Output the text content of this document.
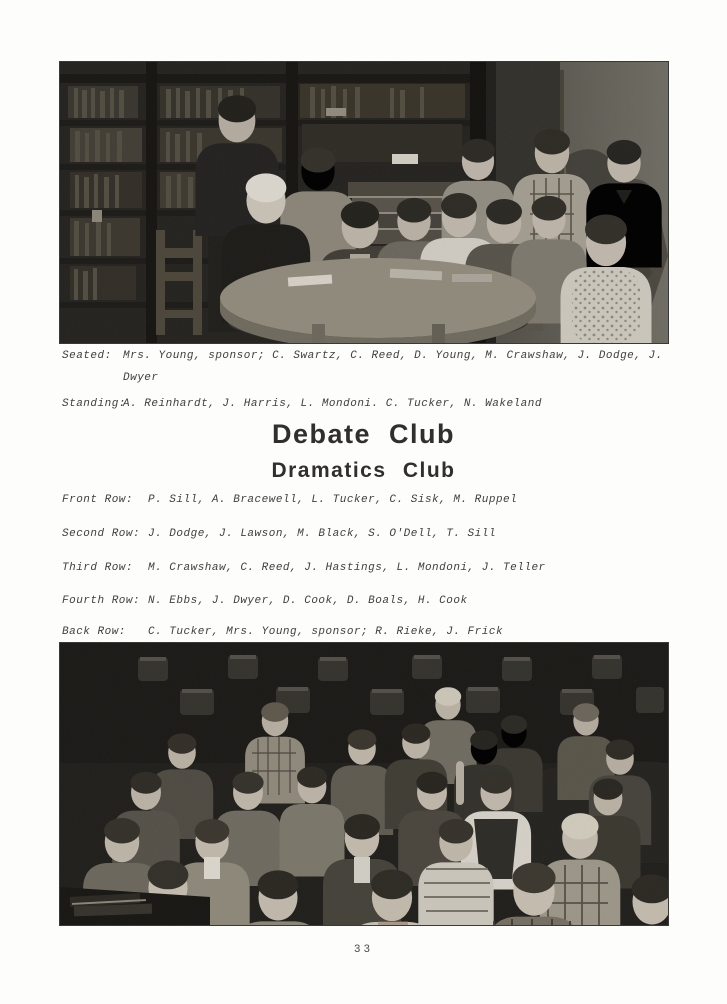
Seated:	Mrs. Young, sponsor; C. Swartz, C. Reed, D. Young, M. Crawshaw, J. Dodge, J. Dwyer
Standing:
A. Reinhardt, J. Harris, L. Mondoni. C. Tucker, N. Wakeland
Debate Club
Dramatics Club
Front Row:	P. Sill, A. Bracewell, L. Tucker, C. Sisk, M. Ruppel
Second Row: J. Dodge, J. Lawson, M. Black, S. O'Dell, T. Sill
Third Row:	M. Crawshaw, C. Reed, J. Hastings, L. Mondoni, J. Teller
Fourth Row: N. Ebbs, J. Dwyer, D. Cook, D. Boals, H. Cook
Back Row:	C. Tucker, Mrs. Young, sponsor; R. Rieke, J. Frick
33
